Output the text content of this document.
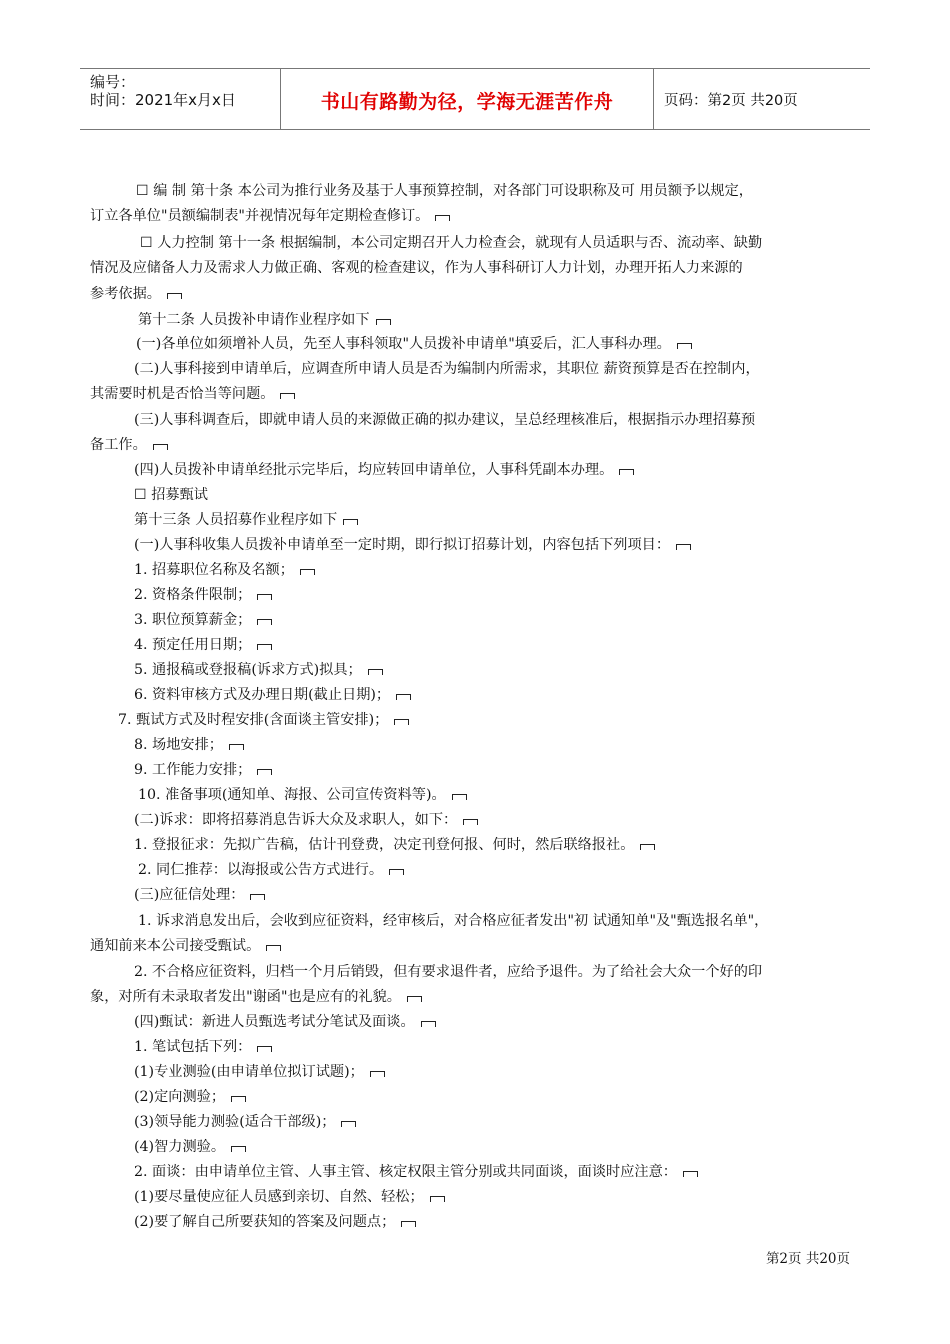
编号：
时间：2021年x月x日	书山有路勤为径，学海无涯苦作舟	页码：第2页 共20页
☐ 编 制 第十条 本公司为推行业务及基于人事预算控制，对各部门可设职称及可 用员额予以规定，
订立各单位"员额编制表"并视情况每年定期检查修订。
☐ 人力控制 第十一条 根据编制，本公司定期召开人力检查会，就现有人员适职与否、流动率、缺勤
情况及应储备人力及需求人力做正确、客观的检查建议，作为人事科研订人力计划，办理开拓人力来源的
参考依据。
第十二条 人员拨补申请作业程序如下
(一)各单位如须增补人员，先至人事科领取"人员拨补申请单"填妥后，汇人事科办理。
(二)人事科接到申请单后，应调查所申请人员是否为编制内所需求，其职位 薪资预算是否在控制内，
其需要时机是否恰当等问题。
(三)人事科调查后，即就申请人员的来源做正确的拟办建议，呈总经理核准后，根据指示办理招募预
备工作。
(四)人员拨补申请单经批示完毕后，均应转回申请单位，人事科凭副本办理。
☐ 招募甄试
第十三条 人员招募作业程序如下
(一)人事科收集人员拨补申请单至一定时期，即行拟订招募计划，内容包括下列项目：
1. 招募职位名称及名额；
2. 资格条件限制；
3. 职位预算薪金；
4. 预定任用日期；
5. 通报稿或登报稿(诉求方式)拟具；
6. 资料审核方式及办理日期(截止日期)；
7. 甄试方式及时程安排(含面谈主管安排)；
8. 场地安排；
9. 工作能力安排；
10. 准备事项(通知单、海报、公司宣传资料等)。
(二)诉求：即将招募消息告诉大众及求职人，如下：
1. 登报征求：先拟广告稿，估计刊登费，决定刊登何报、何时，然后联络报社。
2. 同仁推荐：以海报或公告方式进行。
(三)应征信处理：
1. 诉求消息发出后，会收到应征资料，经审核后，对合格应征者发出"初 试通知单"及"甄选报名单"，
通知前来本公司接受甄试。
2. 不合格应征资料，归档一个月后销毁，但有要求退件者，应给予退件。为了给社会大众一个好的印
象，对所有未录取者发出"谢函"也是应有的礼貌。
(四)甄试：新进人员甄选考试分笔试及面谈。
1. 笔试包括下列：
(1)专业测验(由申请单位拟订试题)；
(2)定向测验；
(3)领导能力测验(适合干部级)；
(4)智力测验。
2. 面谈：由申请单位主管、人事主管、核定权限主管分别或共同面谈，面谈时应注意：
(1)要尽量使应征人员感到亲切、自然、轻松；
(2)要了解自己所要获知的答案及问题点；
第2页 共20页
